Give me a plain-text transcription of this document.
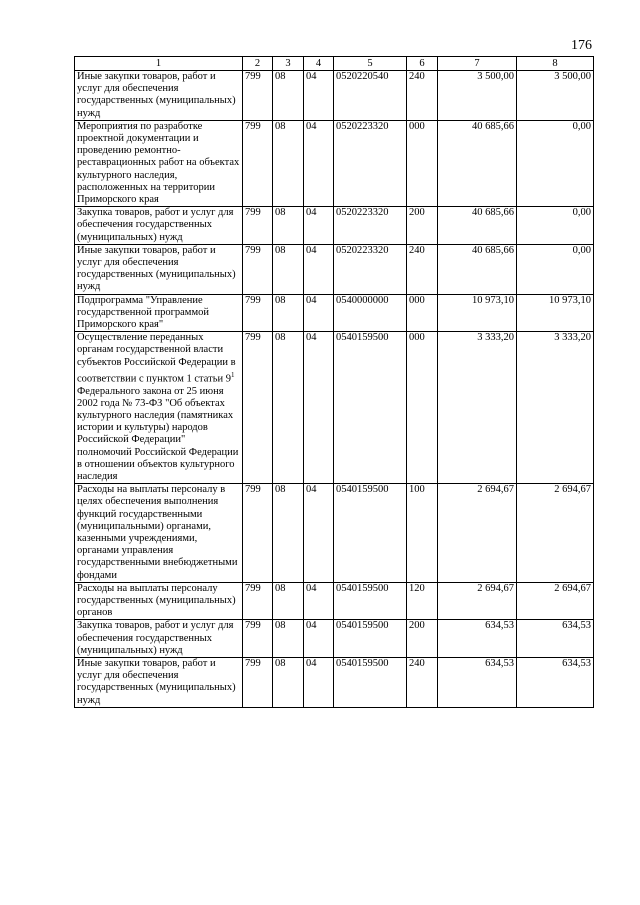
176
1	2	3	4	5	6	7	8
Иные закупки товаров, работ и услуг для обеспечения государственных (муниципальных) нужд	799	08	04	0520220540	240	3 500,00	3 500,00
Мероприятия по разработке проектной документации и проведению ремонтно-реставрационных работ на объектах культурного наследия, расположенных на территории Приморского края	799	08	04	0520223320	000	40 685,66	0,00
Закупка товаров, работ и услуг для обеспечения государственных (муниципальных) нужд	799	08	04	0520223320	200	40 685,66	0,00
Иные закупки товаров, работ и услуг для обеспечения государственных (муниципальных) нужд	799	08	04	0520223320	240	40 685,66	0,00
Подпрограмма "Управление государственной программой Приморского края"	799	08	04	0540000000	000	10 973,10	10 973,10
Осуществление переданных органам государственной власти субъектов Российской Федерации в соответствии с пунктом 1 статьи $9^1$ Федерального закона от 25 июня 2002 года № 73-ФЗ "Об объектах культурного наследия (памятниках истории и культуры) народов Российской Федерации" полномочий Российской Федерации в отношении объектов культурного наследия	799	08	04	0540159500	000	3 333,20	3 333,20
Расходы на выплаты персоналу в целях обеспечения выполнения функций государственными (муниципальными) органами, казенными учреждениями, органами управления государственными внебюджетными фондами	799	08	04	0540159500	100	2 694,67	2 694,67
Расходы на выплаты персоналу государственных (муниципальных) органов	799	08	04	0540159500	120	2 694,67	2 694,67
Закупка товаров, работ и услуг для обеспечения государственных (муниципальных) нужд	799	08	04	0540159500	200	634,53	634,53
Иные закупки товаров, работ и услуг для обеспечения государственных (муниципальных) нужд	799	08	04	0540159500	240	634,53	634,53
